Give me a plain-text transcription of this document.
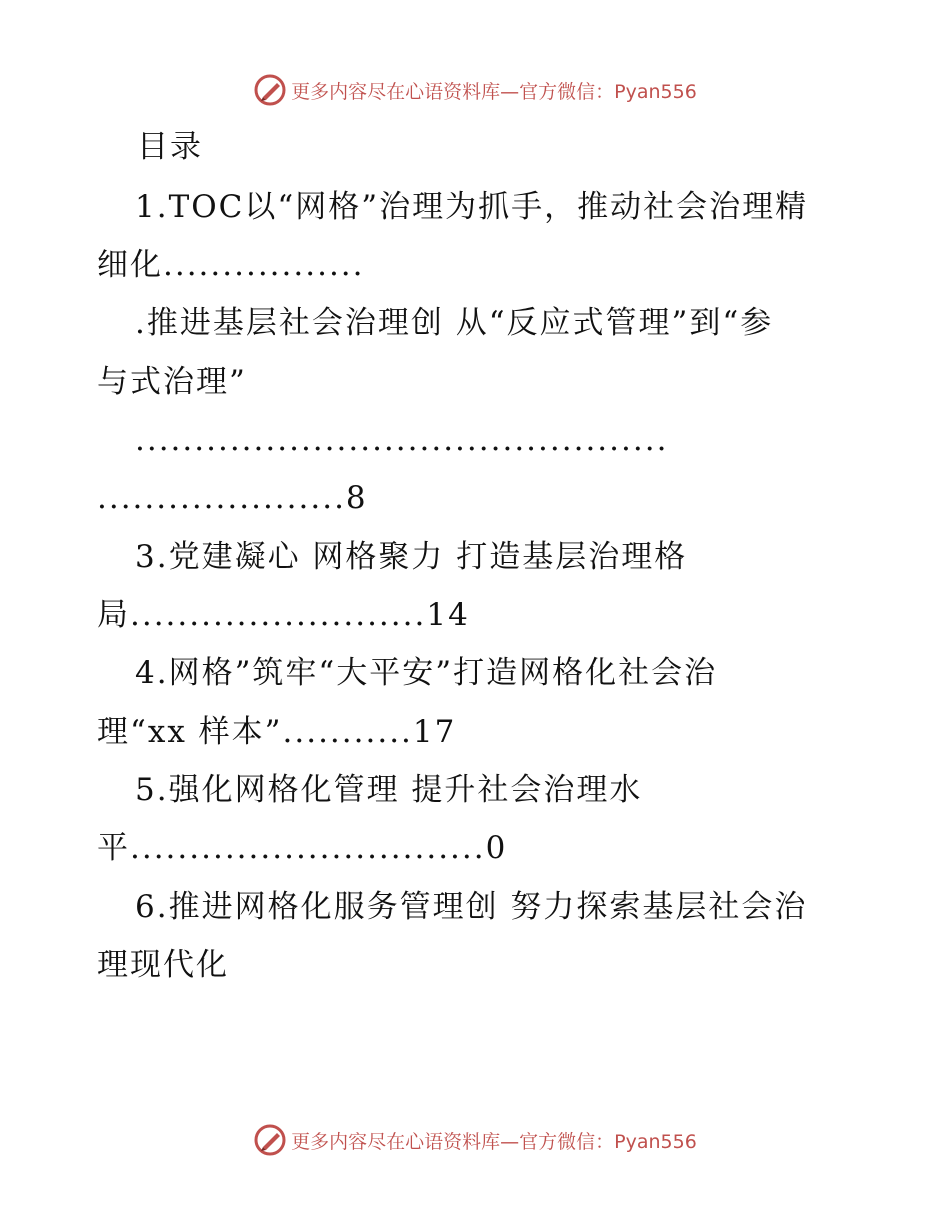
更多内容尽在心语资料库—官方微信：Pyan556
目录
1.TOC以“网格”治理为抓手，推动社会治理精
细化.................
.推进基层社会治理创 从“反应式管理”到“参
与式治理”
.............................................
.....................8
3.党建凝心 网格聚力 打造基层治理格
局.........................14
4.网格”筑牢“大平安”打造网格化社会治
理“xx 样本”...........17
5.强化网格化管理 提升社会治理水
平..............................0
6.推进网格化服务管理创 努力探索基层社会治
理现代化
更多内容尽在心语资料库—官方微信：Pyan556
